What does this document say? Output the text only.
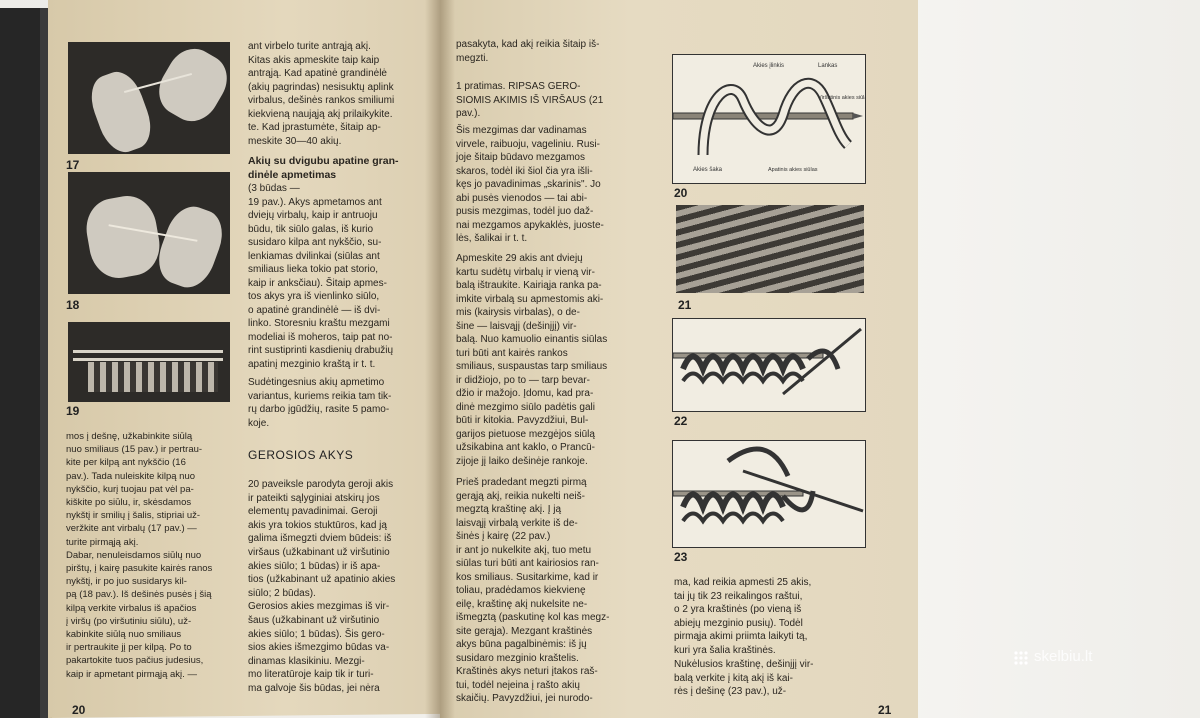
17
18
19
mos į dešnę, užkabinkite siūlą
nuo smiliaus (15 pav.) ir pertrau-
kite per kilpą ant nykščio (16
pav.). Tada nuleiskite kilpą nuo
nykščio, kurį tuojau pat vėl pa-
kiškite po siūlu, ir, skėsdamos
nykštį ir smilių į šalis, stipriai už-
veržkite ant virbalų (17 pav.) —
turite pirmąją akį.
Dabar, nenuleisdamos siūlų nuo
pirštų, į kairę pasukite kairės ranos
nykštį, ir po juo susidarys kil-
pą (18 pav.). Iš dešinės pusės į šią
kilpą verkite virbalus iš apačios
į viršų (po viršutiniu siūlu), už-
kabinkite siūlą nuo smiliaus
ir pertraukite jį per kilpą. Po to
pakartokite tuos pačius judesius,
kaip ir apmetant pirmąją akį. —
ant virbelo turite antrąją akį.
Kitas akis apmeskite taip kaip
antrąją. Kad apatinė grandinėlė
(akių pagrindas) nesisuktų aplink
virbalus, dešinės rankos smiliumi
kiekvieną naująją akį prilaikykite.
te. Kad įprastumėte, šitaip ap-
meskite 30—40 akių.
Akių su dvigubu apatine gran-
dinėle apmetimas
(3 būdas —
19 pav.). Akys apmetamos ant
dviejų virbalų, kaip ir antruoju
būdu, tik siūlo galas, iš kurio
susidaro kilpa ant nykščio, su-
lenkiamas dvilinkai (siūlas ant
smiliaus lieka tokio pat storio,
kaip ir anksčiau). Šitaip apmes-
tos akys yra iš vienlinko siūlo,
o apatinė grandinėlė — iš dvi-
linko. Storesniu kraštu mezgami
modeliai iš moheros, taip pat no-
rint sustiprinti kasdienių drabužių
apatinį mezginio kraštą ir t. t.
Sudėtingesnius akių apmetimo
variantus, kuriems reikia tam tik-
rų darbo įgūdžių, rasite 5 pamo-
koje.
GEROSIOS AKYS
20 paveiksle parodyta geroji akis
ir pateikti sąlyginiai atskirų jos
elementų pavadinimai. Geroji
akis yra tokios stuktūros, kad ją
galima išmegzti dviem būdeis: iš
viršaus (užkabinant už viršutinio
akies siūlo; 1 būdas) ir iš apa-
tios (užkabinant už apatinio akies
siūlo; 2 būdas).
Gerosios akies mezgimas iš vir-
šaus (užkabinant už viršutinio
akies siūlo; 1 būdas). Šis gero-
sios akies išmezgimo būdas va-
dinamas klasikiniu. Mezgi-
mo literatūroje kaip tik ir turi-
ma galvoje šis būdas, jei nėra
20
pasakyta, kad akį reikia šitaip iš-
megzti.
1 pratimas. RIPSAS GERO-
SIOMIS AKIMIS IŠ VIRŠAUS (21
pav.).
Šis mezgimas dar vadinamas
virvele, raibuoju, vageliniu. Rusi-
joje šitaip būdavo mezgamos
skaros, todėl iki šiol čia yra išli-
kęs jo pavadinimas „skarinis". Jo
abi pusės vienodos — tai abi-
pusis mezgimas, todėl juo daž-
nai mezgamos apykaklės, juoste-
lės, šalikai ir t. t.
Apmeskite 29 akis ant dviejų
kartu sudėtų virbalų ir vieną vir-
balą ištraukite. Kairiąja ranka pa-
imkite virbalą su apmestomis aki-
mis (kairysis virbalas), o de-
šine — laisvąjį (dešinįjį) vir-
balą. Nuo kamuolio einantis siūlas
turi būti ant kairės rankos
smiliaus, suspaustas tarp smiliaus
ir didžiojo, po to — tarp bevar-
džio ir mažojo. Įdomu, kad pra-
dinė mezgimo siūlo padėtis gali
būti ir kitokia. Pavyzdžiui, Bul-
garijos pietuose mezgėjos siūlą
užsikabina ant kaklo, o Prancū-
zijoje jį laiko dešinėje rankoje.
Prieš pradedant megzti pirmą
gerąją akį, reikia nukelti neiš-
megztą kraštinę akį. Į ją
laisvąjį virbalą verkite iš de-
šinės į kairę (22 pav.)
ir ant jo nukelkite akį, tuo metu
siūlas turi būti ant kairiosios ran-
kos smiliaus. Susitarkime, kad ir
toliau, pradėdamos kiekvienę
eilę, kraštinę akį nukelsite ne-
išmegztą (paskutinę kol kas megz-
site gerąja). Mezgant kraštinės
akys būna pagalbinėmis: iš jų
susidaro mezginio kraštelis.
Kraštinės akys neturi įtakos raš-
tui, todėl neįeina į rašto akių
skaičių. Pavyzdžiui, jei nurodo-
ma, kad reikia apmesti 25 akis,
tai jų tik 23 reikalingos raštui,
o 2 yra kraštinės (po vieną iš
abiejų mezginio pusių). Todėl
pirmąja akimi priimta laikyti tą,
kuri yra šalia kraštinės.
Nukėlusios kraštinę, dešinįjį vir-
balą verkite į kitą akį iš kai-
rės į dešinę (23 pav.), už-
21
Akies įlinkis	Lankas
Viršutinis akies siūlas
Akies šaka	Apatinis akies siūlas
20
21
22
23
skelbiu.lt
